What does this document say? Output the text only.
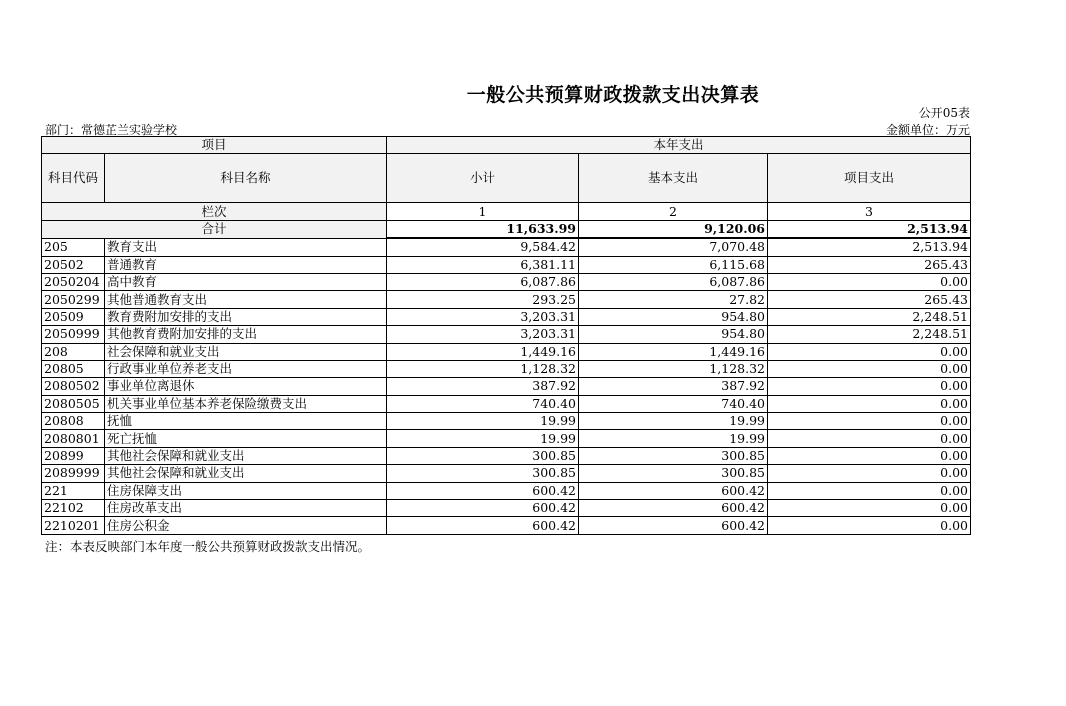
一般公共预算财政拨款支出决算表
公开05表
部门：常德芷兰实验学校	金额单位：万元
项目		本年支出		
科目代码	科目名称	小计	基本支出	项目支出
栏次		1	2	3
合计		11,633.99	9,120.06	2,513.94
205	教育支出	9,584.42	7,070.48	2,513.94
20502	普通教育	6,381.11	6,115.68	265.43
2050204	高中教育	6,087.86	6,087.86	0.00
2050299	其他普通教育支出	293.25	27.82	265.43
20509	教育费附加安排的支出	3,203.31	954.80	2,248.51
2050999	其他教育费附加安排的支出	3,203.31	954.80	2,248.51
208	社会保障和就业支出	1,449.16	1,449.16	0.00
20805	行政事业单位养老支出	1,128.32	1,128.32	0.00
2080502	事业单位离退休	387.92	387.92	0.00
2080505	机关事业单位基本养老保险缴费支出	740.40	740.40	0.00
20808	抚恤	19.99	19.99	0.00
2080801	死亡抚恤	19.99	19.99	0.00
20899	其他社会保障和就业支出	300.85	300.85	0.00
2089999	其他社会保障和就业支出	300.85	300.85	0.00
221	住房保障支出	600.42	600.42	0.00
22102	住房改革支出	600.42	600.42	0.00
2210201	住房公积金	600.42	600.42	0.00
注：本表反映部门本年度一般公共预算财政拨款支出情况。
